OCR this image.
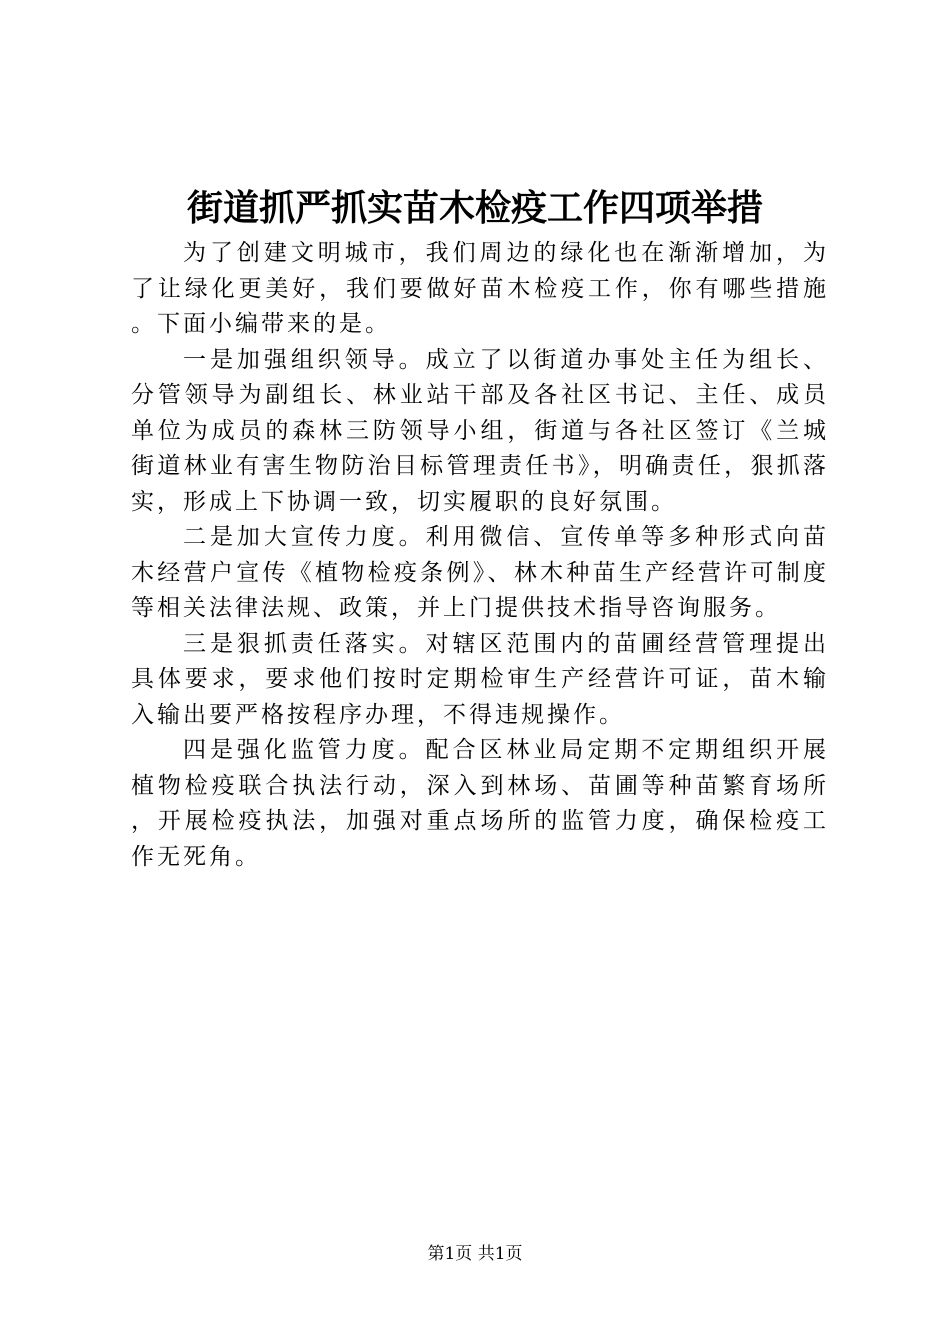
街道抓严抓实苗木检疫工作四项举措

为了创建文明城市，我们周边的绿化也在渐渐增加，为了让绿化更美好，我们要做好苗木检疫工作，你有哪些措施。下面小编带来的是。

一是加强组织领导。成立了以街道办事处主任为组长、分管领导为副组长、林业站干部及各社区书记、主任、成员单位为成员的森林三防领导小组，街道与各社区签订《兰城街道林业有害生物防治目标管理责任书》，明确责任，狠抓落实，形成上下协调一致，切实履职的良好氛围。

二是加大宣传力度。利用微信、宣传单等多种形式向苗木经营户宣传《植物检疫条例》、林木种苗生产经营许可制度等相关法律法规、政策，并上门提供技术指导咨询服务。

三是狠抓责任落实。对辖区范围内的苗圃经营管理提出具体要求，要求他们按时定期检审生产经营许可证，苗木输入输出要严格按程序办理，不得违规操作。

四是强化监管力度。配合区林业局定期不定期组织开展植物检疫联合执法行动，深入到林场、苗圃等种苗繁育场所，开展检疫执法，加强对重点场所的监管力度，确保检疫工作无死角。

第1页 共1页
